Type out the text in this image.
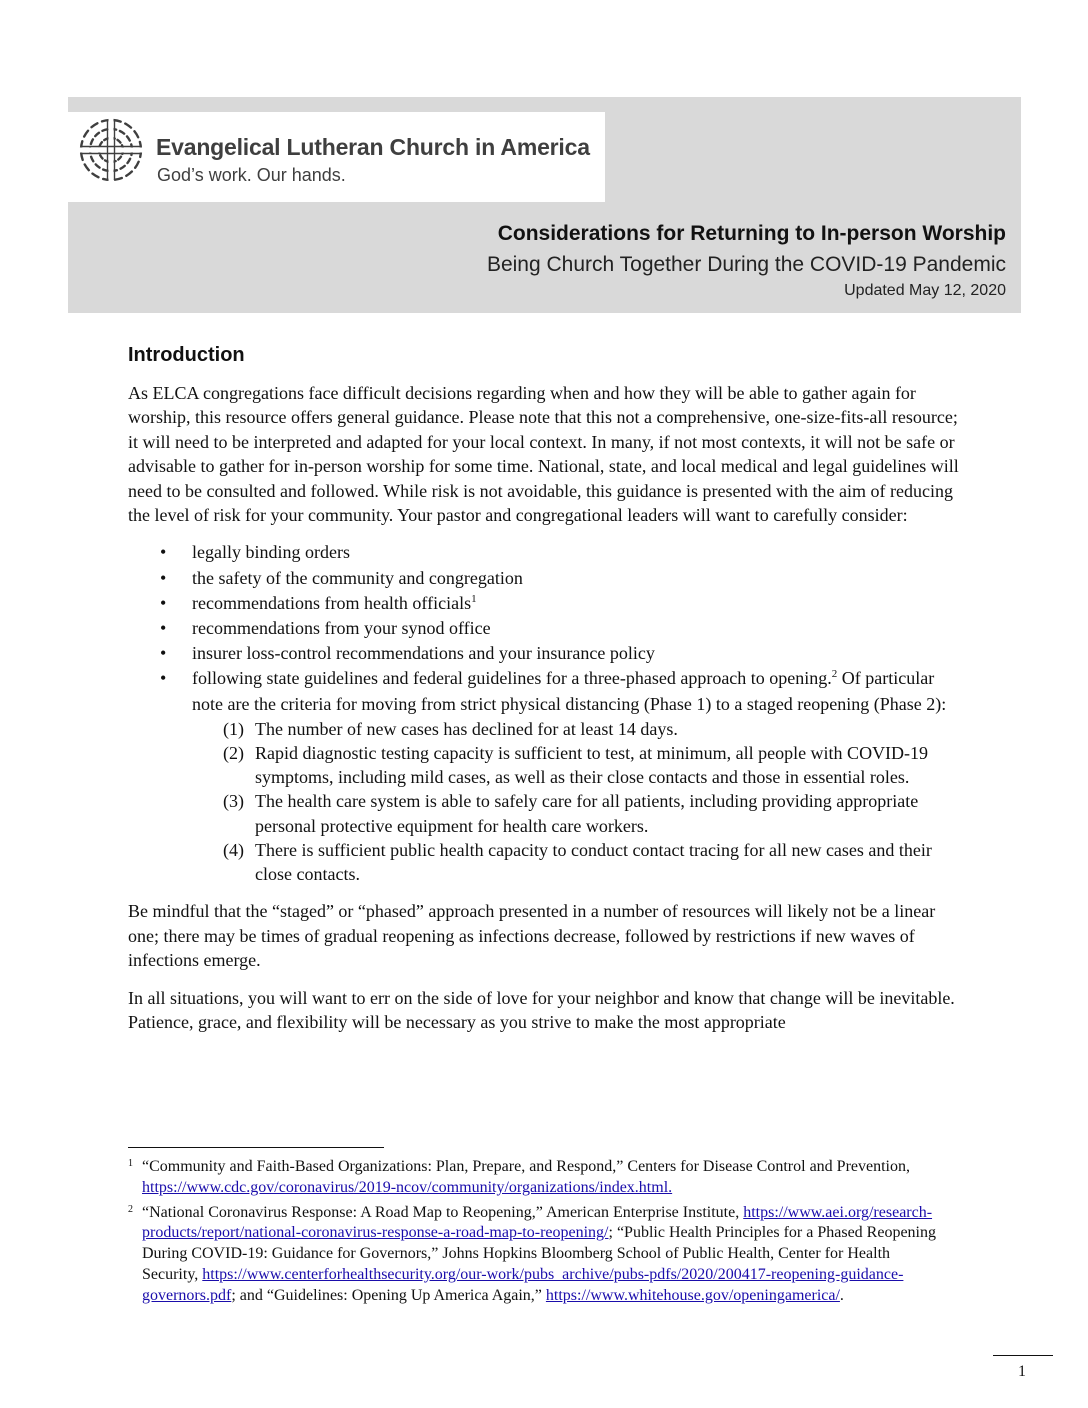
Evangelical Lutheran Church in America
God’s work. Our hands.
Considerations for Returning to In-person Worship
Being Church Together During the COVID-19 Pandemic
Updated May 12, 2020
Introduction

As ELCA congregations face difficult decisions regarding when and how they will be able to gather again for worship, this resource offers general guidance. Please note that this not a comprehensive, one-size-fits-all resource; it will need to be interpreted and adapted for your local context. In many, if not most contexts, it will not be safe or advisable to gather for in-person worship for some time. National, state, and local medical and legal guidelines will need to be consulted and followed. While risk is not avoidable, this guidance is presented with the aim of reducing the level of risk for your community. Your pastor and congregational leaders will want to carefully consider:

• legally binding orders
• the safety of the community and congregation
• recommendations from health officials$^1$
• recommendations from your synod office
• insurer loss-control recommendations and your insurance policy
• following state guidelines and federal guidelines for a three-phased approach to opening.$^2$ Of particular note are the criteria for moving from strict physical distancing (Phase 1) to a staged reopening (Phase 2):
(1) The number of new cases has declined for at least 14 days.
(2) Rapid diagnostic testing capacity is sufficient to test, at minimum, all people with COVID-19 symptoms, including mild cases, as well as their close contacts and those in essential roles.
(3) The health care system is able to safely care for all patients, including providing appropriate personal protective equipment for health care workers.
(4) There is sufficient public health capacity to conduct contact tracing for all new cases and their close contacts.

Be mindful that the “staged” or “phased” approach presented in a number of resources will likely not be a linear one; there may be times of gradual reopening as infections decrease, followed by restrictions if new waves of infections emerge.

In all situations, you will want to err on the side of love for your neighbor and know that change will be inevitable. Patience, grace, and flexibility will be necessary as you strive to make the most appropriate

1 “Community and Faith-Based Organizations: Plan, Prepare, and Respond,” Centers for Disease Control and Prevention, https://www.cdc.gov/coronavirus/2019-ncov/community/organizations/index.html.

2 “National Coronavirus Response: A Road Map to Reopening,” American Enterprise Institute, https://www.aei.org/research-products/report/national-coronavirus-response-a-road-map-to-reopening/; “Public Health Principles for a Phased Reopening During COVID-19: Guidance for Governors,” Johns Hopkins Bloomberg School of Public Health, Center for Health Security, https://www.centerforhealthsecurity.org/our-work/pubs_archive/pubs-pdfs/2020/200417-reopening-guidance-governors.pdf; and “Guidelines: Opening Up America Again,” https://www.whitehouse.gov/openingamerica/.

1
